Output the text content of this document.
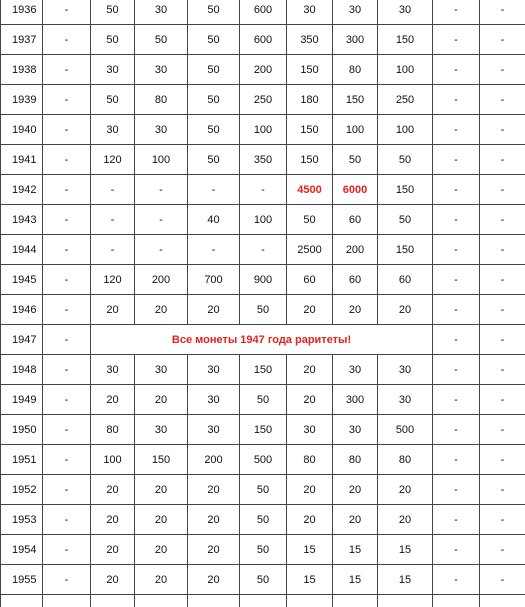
1936	-	50	30	50	600	30	30	30	-	-
1937	-	50	50	50	600	350	300	150	-	-
1938	-	30	30	50	200	150	80	100	-	-
1939	-	50	80	50	250	180	150	250	-	-
1940	-	30	30	50	100	150	100	100	-	-
1941	-	120	100	50	350	150	50	50	-	-
1942	-	-	-	-	-	4500	6000	150	-	-
1943	-	-	-	40	100	50	60	50	-	-
1944	-	-	-	-	-	2500	200	150	-	-
1945	-	120	200	700	900	60	60	60	-	-
1946	-	20	20	20	50	20	20	20	-	-
1947	-	Все монеты 1947 года раритеты!							-	-
1948	-	30	30	30	150	20	30	30	-	-
1949	-	20	20	30	50	20	300	30	-	-
1950	-	80	30	30	150	30	30	500	-	-
1951	-	100	150	200	500	80	80	80	-	-
1952	-	20	20	20	50	20	20	20	-	-
1953	-	20	20	20	50	20	20	20	-	-
1954	-	20	20	20	50	15	15	15	-	-
1955	-	20	20	20	50	15	15	15	-	-
